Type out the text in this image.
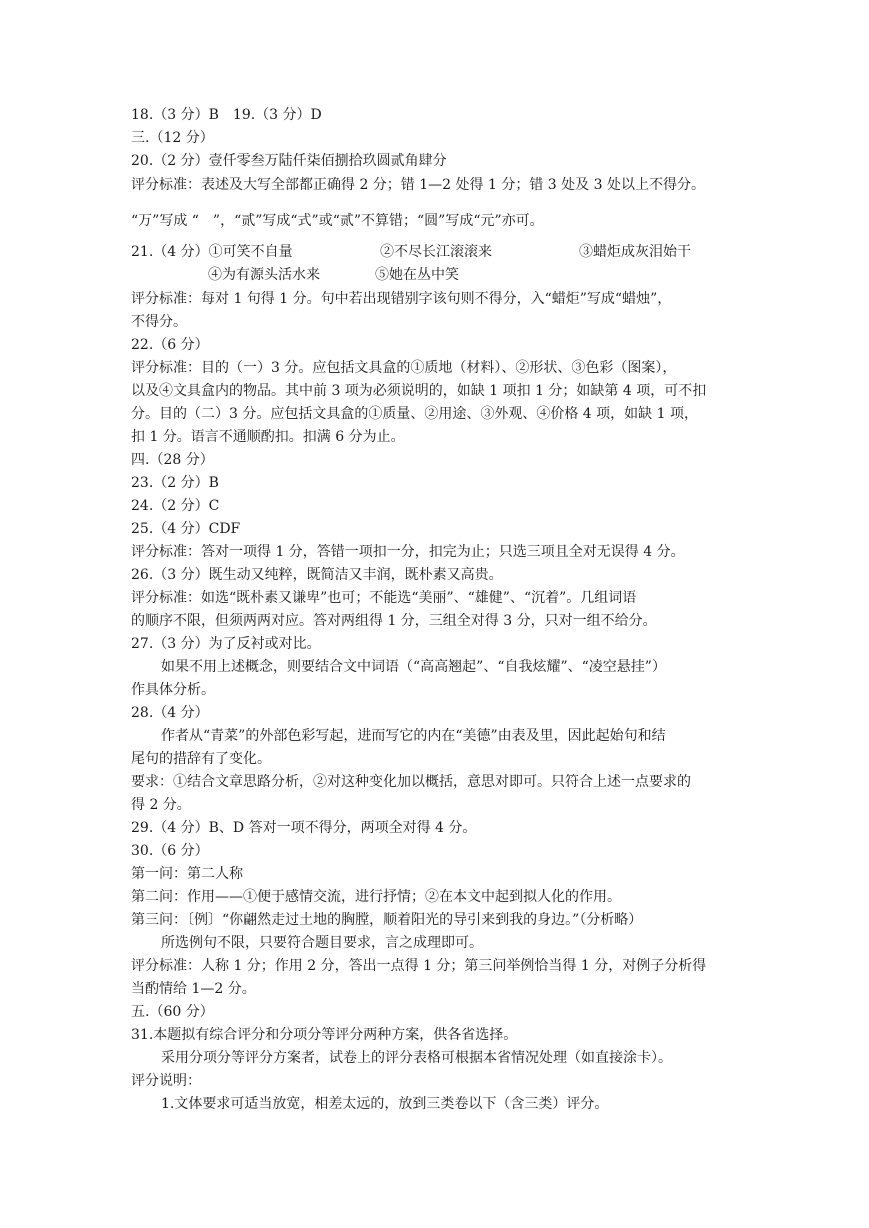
18.（3 分）B　19.（3 分）D
三.（12 分）
20.（2 分）壹仟零叁万陆仟柒佰捌拾玖圆贰角肆分
评分标准：表述及大写全部都正确得 2 分；错 1—2 处得 1 分；错 3 处及 3 处以上不得分。
“万”写成 “　”，“贰”写成“式”或“贰”不算错；“圆”写成“元”亦可。
21.（4 分）①可笑不自量	②不尽长江滚滚来	③蜡炬成灰泪始干
④为有源头活水来	⑤她在丛中笑
评分标准：每对 1 句得 1 分。句中若出现错别字该句则不得分，入“蜡炬”写成“蜡烛”，
不得分。
22.（6 分）
评分标准：目的（一）3 分。应包括文具盒的①质地（材料）、②形状、③色彩（图案），
以及④文具盒内的物品。其中前 3 项为必须说明的，如缺 1 项扣 1 分；如缺第 4 项，可不扣
分。目的（二）3 分。应包括文具盒的①质量、②用途、③外观、④价格 4 项，如缺 1 项，
扣 1 分。语言不通顺酌扣。扣满 6 分为止。
四.（28 分）
23.（2 分）B
24.（2 分）C
25.（4 分）CDF
评分标准：答对一项得 1 分，答错一项扣一分，扣完为止；只选三项且全对无误得 4 分。
26.（3 分）既生动又纯粹，既简洁又丰润，既朴素又高贵。
评分标准：如选“既朴素又谦卑”也可；不能选“美丽”、“雄健”、“沉着”。几组词语
的顺序不限，但须两两对应。答对两组得 1 分，三组全对得 3 分，只对一组不给分。
27.（3 分）为了反衬或对比。
如果不用上述概念，则要结合文中词语（“高高翘起”、“自我炫耀”、“凌空悬挂”）
作具体分析。
28.（4 分）
作者从“青菜”的外部色彩写起，进而写它的内在“美德”由表及里，因此起始句和结
尾句的措辞有了变化。
要求：①结合文章思路分析，②对这种变化加以概括，意思对即可。只符合上述一点要求的
得 2 分。
29.（4 分）B、D 答对一项不得分，两项全对得 4 分。
30.（6 分）
第一问：第二人称
第二问：作用——①便于感情交流，进行抒情；②在本文中起到拟人化的作用。
第三问：〔例〕“你翩然走过土地的胸膛，顺着阳光的导引来到我的身边。”（分析略）
所选例句不限，只要符合题目要求，言之成理即可。
评分标准：人称 1 分；作用 2 分，答出一点得 1 分；第三问举例恰当得 1 分，对例子分析得
当酌情给 1—2 分。
五.（60 分）
31.本题拟有综合评分和分项分等评分两种方案，供各省选择。
采用分项分等评分方案者，试卷上的评分表格可根据本省情况处理（如直接涂卡）。
评分说明：
1.文体要求可适当放宽，相差太远的，放到三类卷以下（含三类）评分。
